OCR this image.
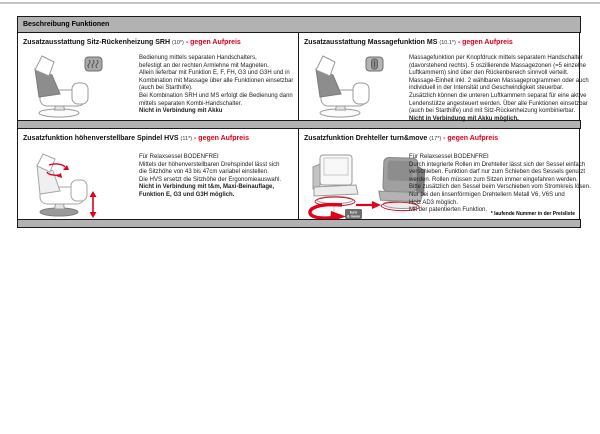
Beschreibung Funktionen
Zusatzausstattung Sitz-Rückenheizung SRH (10*) - gegen Aufpreis
Bedienung mittels separaten Handschalters,
befestigt an der rechten Armlehne mit Magneten.
Allein lieferbar mit Funktion E, F, FH, G3 und G3H und in
Kombination mit Massage über alle Funktionen einsetzbar
(auch bei Starthilfe).
Bei Kombination SRH und MS erfolgt die Bedienung dann
mittels separaten Kombi-Handschalter.
Nicht in Verbindung mit Akku
Zusatzausstattung Massagefunktion MS (10.1*) - gegen Aufpreis
Massagefunktion per Knopfdruck mittels separatem Handschalter
(davorstehend rechts). 5 oszillierende Massagezonen (=5 einzelne
Luftkammern) sind über den Rückenbereich sinnvoll verteilt.
Massage-Einheit inkl. 2 wählbaren Massageprogrammen oder auch
individuell in der Intensität und Geschwindigkeit steuerbar.
Zusätzlich können die unteren Luftkammern separat für eine aktive
Lendenstütze angesteuert werden. Über alle Funktionen einsetzbar
(auch bei Starthilfe) und mit Sitz-Rückenheizung kombinierbar.
Nicht in Verbindung mit Akku möglich.
Zusatzfunktion höhenverstellbare Spindel HVS (11*) - gegen Aufpreis
Für Relaxsessel BODENFREI
Mittels der höhenverstellbaren Drehspindel lässt sich
die Sitzhöhe von 43 bis 47cm variabel einstellen.
Die HVS ersetzt die Sitzhöhe der Ergonomieauswahl.
Nicht in Verbindung mit t&m, Maxi-Beinauflage,
Funktion E, G3 und G3H möglich.
Zusatzfunktion Drehteller turn&move (17*) - gegen Aufpreis
turn
& move
Für Relaxsessel BODENFREI
Durch integrierte Rollen im Drehteller lässt sich der Sessel einfach
verschieben. Funktion darf nur zum Schieben des Sessels genutzt
werden. Rollen müssen zum Sitzen immer eingefahren werden.
Bitte zusätzlich den Sessel beim Verschieben vom Stromkreis lösen.
Nur bei den linsenförmigen Drehtellern Metall V6, V6S und
Holz AD3 möglich.
Mit der patentierten Funktion.
* laufende Nummer in der Preisliste
